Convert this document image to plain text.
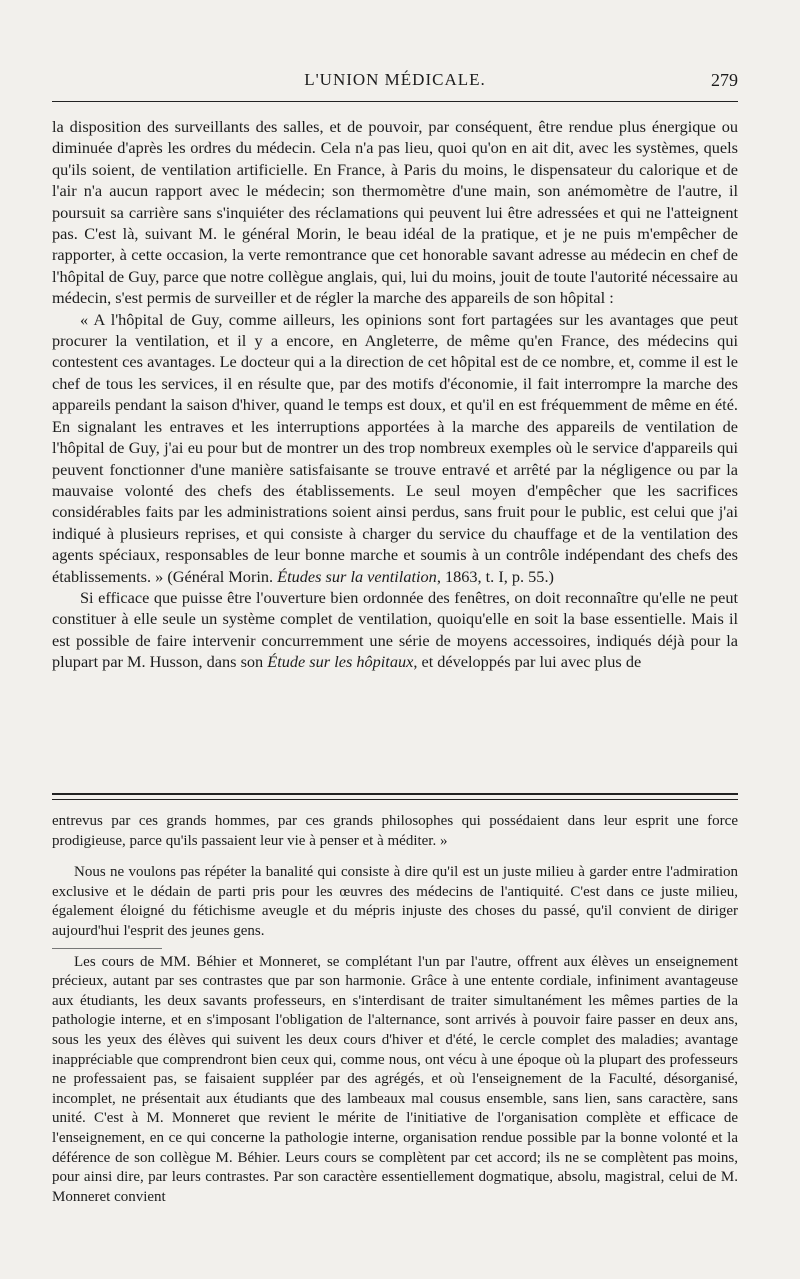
L'UNION MÉDICALE.	279

la disposition des surveillants des salles, et de pouvoir, par conséquent, être rendue plus énergique ou diminuée d'après les ordres du médecin. Cela n'a pas lieu, quoi qu'on en ait dit, avec les systèmes, quels qu'ils soient, de ventilation artificielle. En France, à Paris du moins, le dispensateur du calorique et de l'air n'a aucun rapport avec le médecin; son thermomètre d'une main, son anémomètre de l'autre, il poursuit sa carrière sans s'inquiéter des réclamations qui peuvent lui être adressées et qui ne l'atteignent pas. C'est là, suivant M. le général Morin, le beau idéal de la pratique, et je ne puis m'empêcher de rapporter, à cette occasion, la verte remontrance que cet honorable savant adresse au médecin en chef de l'hôpital de Guy, parce que notre collègue anglais, qui, lui du moins, jouit de toute l'autorité nécessaire au médecin, s'est permis de surveiller et de régler la marche des appareils de son hôpital :

« A l'hôpital de Guy, comme ailleurs, les opinions sont fort partagées sur les avantages que peut procurer la ventilation, et il y a encore, en Angleterre, de même qu'en France, des médecins qui contestent ces avantages. Le docteur qui a la direction de cet hôpital est de ce nombre, et, comme il est le chef de tous les services, il en résulte que, par des motifs d'économie, il fait interrompre la marche des appareils pendant la saison d'hiver, quand le temps est doux, et qu'il en est fréquemment de même en été. En signalant les entraves et les interruptions apportées à la marche des appareils de ventilation de l'hôpital de Guy, j'ai eu pour but de montrer un des trop nombreux exemples où le service d'appareils qui peuvent fonctionner d'une manière satisfaisante se trouve entravé et arrêté par la négligence ou par la mauvaise volonté des chefs des établissements. Le seul moyen d'empêcher que les sacrifices considérables faits par les administrations soient ainsi perdus, sans fruit pour le public, est celui que j'ai indiqué à plusieurs reprises, et qui consiste à charger du service du chauffage et de la ventilation des agents spéciaux, responsables de leur bonne marche et soumis à un contrôle indépendant des chefs des établissements. » (Général Morin. Études sur la ventilation, 1863, t. I, p. 55.)

Si efficace que puisse être l'ouverture bien ordonnée des fenêtres, on doit reconnaître qu'elle ne peut constituer à elle seule un système complet de ventilation, quoiqu'elle en soit la base essentielle. Mais il est possible de faire intervenir concurremment une série de moyens accessoires, indiqués déjà pour la plupart par M. Husson, dans son Étude sur les hôpitaux, et développés par lui avec plus de

entrevus par ces grands hommes, par ces grands philosophes qui possédaient dans leur esprit une force prodigieuse, parce qu'ils passaient leur vie à penser et à méditer. »

Nous ne voulons pas répéter la banalité qui consiste à dire qu'il est un juste milieu à garder entre l'admiration exclusive et le dédain de parti pris pour les œuvres des médecins de l'antiquité. C'est dans ce juste milieu, également éloigné du fétichisme aveugle et du mépris injuste des choses du passé, qu'il convient de diriger aujourd'hui l'esprit des jeunes gens.

Les cours de MM. Béhier et Monneret, se complétant l'un par l'autre, offrent aux élèves un enseignement précieux, autant par ses contrastes que par son harmonie. Grâce à une entente cordiale, infiniment avantageuse aux étudiants, les deux savants professeurs, en s'interdisant de traiter simultanément les mêmes parties de la pathologie interne, et en s'imposant l'obligation de l'alternance, sont arrivés à pouvoir faire passer en deux ans, sous les yeux des élèves qui suivent les deux cours d'hiver et d'été, le cercle complet des maladies; avantage inappréciable que comprendront bien ceux qui, comme nous, ont vécu à une époque où la plupart des professeurs ne professaient pas, se faisaient suppléer par des agrégés, et où l'enseignement de la Faculté, désorganisé, incomplet, ne présentait aux étudiants que des lambeaux mal cousus ensemble, sans lien, sans caractère, sans unité. C'est à M. Monneret que revient le mérite de l'initiative de l'organisation complète et efficace de l'enseignement, en ce qui concerne la pathologie interne, organisation rendue possible par la bonne volonté et la déférence de son collègue M. Béhier. Leurs cours se complètent par cet accord; ils ne se complètent pas moins, pour ainsi dire, par leurs contrastes. Par son caractère essentiellement dogmatique, absolu, magistral, celui de M. Monneret convient
